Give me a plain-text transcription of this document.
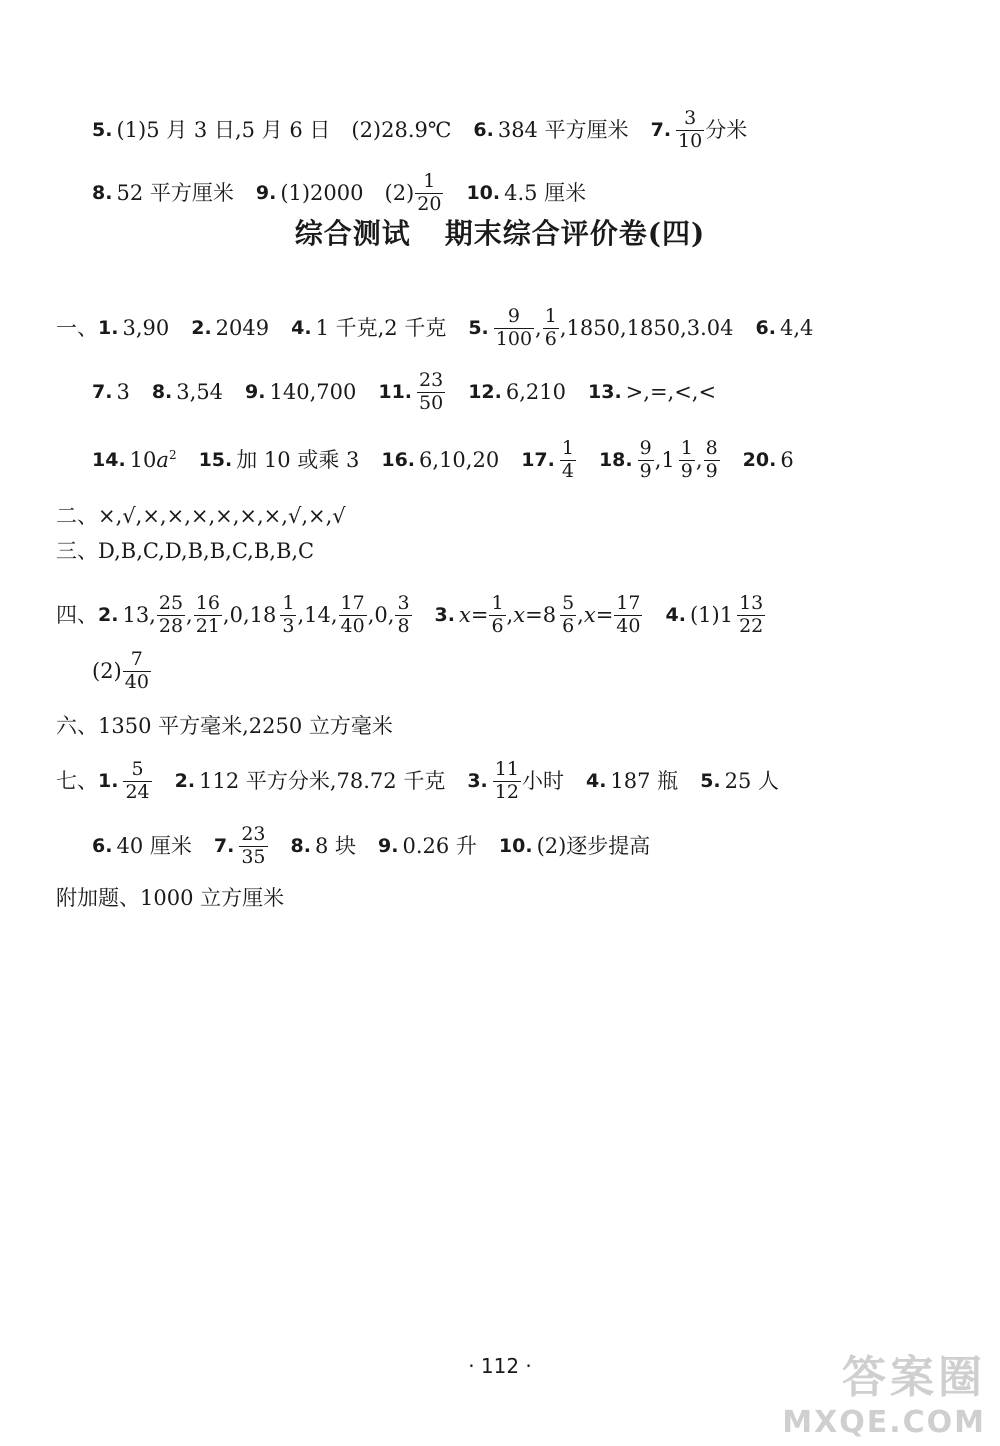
5. (1)5 月 3 日,5 月 6 日　(2)28.9℃ 6. 384 平方厘米 7. $\frac{3}{10}$ 分米
8. 52 平方厘米 9. (1)2000　$(2) \frac{1}{20} 10$. 4.5 厘米
综合测试 期末综合评价卷(四)
一、 1. 3,90 2. 2049 4. 1 千克,2 千克 5. $\frac{9}{100}$ , $\frac{1}{6} ,1850,1850,3.04$ 6. 4,4
7. 3 8. 3,54 9. 140,700 11. $\frac{23}{50} 12$. 6,210 13. >,=,<,<
14. $10a^2$ 15. 加 10 或乘 3 16. 6,10,20 17. $\frac{1}{4} 18$. $\frac{9}{9}$ , $1 \frac{1}{9}$ , $\frac{8}{9} 20$. 6
二、×,√,×,×,×,×,×,×,√,×,√
三、D,B,C,D,B,B,C,B,B,C
四、 2. 13, $\frac{25}{28}$ , $\frac{16}{21} ,0$, $18 \frac{1}{3} ,14$, $\frac{17}{40} ,0$, $\frac{3}{8} 3$. $x = \frac{1}{6}$ , $x = 8 \frac{5}{6}$ , $x = \frac{17}{40} 4$. (1) $1 \frac{13}{22}$
$(2) \frac{7}{40}$
六、1350 平方毫米,2250 立方毫米
七、 1. $\frac{5}{24} 2$. 112 平方分米,78.72 千克 3. $\frac{11}{12}$ 小时 4. 187 瓶 5. 25 人
6. 40 厘米 7. $\frac{23}{35} 8$. 8 块 9. 0.26 升 10. (2)逐步提高
附加题、1000 立方厘米
· 112 ·	答案圈
MXQE.COM
